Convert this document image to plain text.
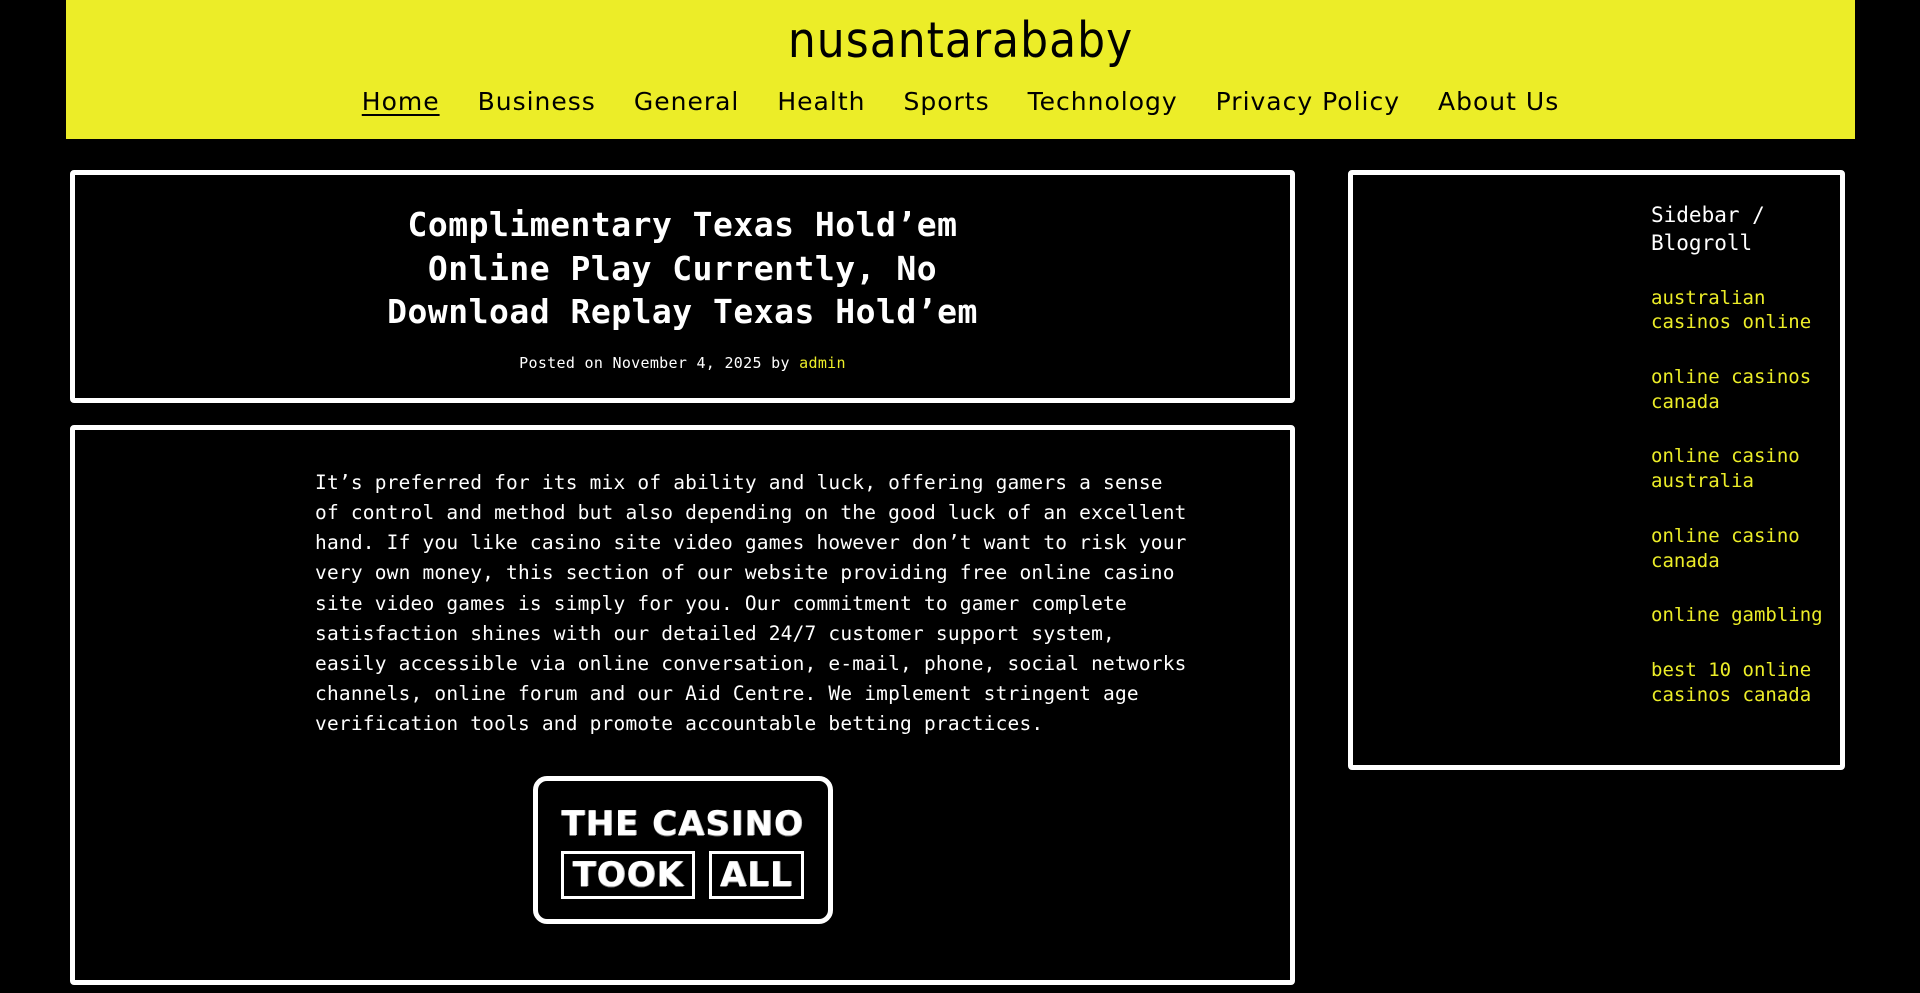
nusantarababy
Home Business General Health Sports Technology Privacy Policy About Us
Complimentary Texas Hold’em Online Play Currently, No Download Replay Texas Hold’em
Posted on November 4, 2025 by admin

It’s preferred for its mix of ability and luck, offering gamers a sense of control and method but also depending on the good luck of an excellent hand. If you like casino site video games however don’t want to risk your very own money, this section of our website providing free online casino site video games is simply for you. Our commitment to gamer complete satisfaction shines with our detailed 24/7 customer support system, easily accessible via online conversation, e-mail, phone, social networks channels, online forum and our Aid Centre. We implement stringent age verification tools and promote accountable betting practices.

THE CASINO
TOOK	ALL
Sidebar / Blogroll
australian casinos online
online casinos canada
online casino australia
online casino canada
online gambling
best 10 online casinos canada
